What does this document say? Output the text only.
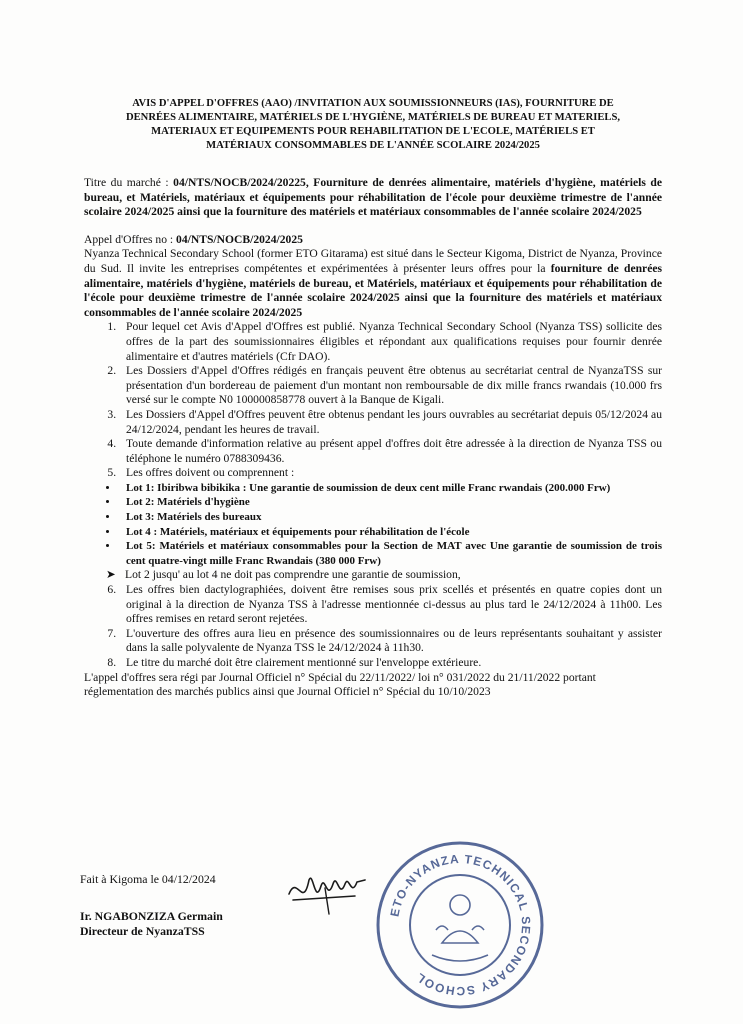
AVIS D'APPEL D'OFFRES (AAO) /INVITATION AUX SOUMISSIONNEURS (IAS), FOURNITURE DE
DENRÉES ALIMENTAIRE, MATÉRIELS DE L'HYGIÈNE, MATÉRIELS DE BUREAU ET MATERIELS,
MATERIAUX ET EQUIPEMENTS POUR REHABILITATION DE L'ECOLE, MATÉRIELS ET
MATÉRIAUX CONSOMMABLES DE L'ANNÉE SCOLAIRE 2024/2025

Titre du marché : 04/NTS/NOCB/2024/20225, Fourniture de denrées alimentaire, matériels d'hygiène, matériels de bureau, et Matériels, matériaux et équipements pour réhabilitation de l'école pour deuxième trimestre de l'année scolaire 2024/2025 ainsi que la fourniture des matériels et matériaux consommables de l'année scolaire 2024/2025

Appel d'Offres no : 04/NTS/NOCB/2024/2025

Nyanza Technical Secondary School (former ETO Gitarama) est situé dans le Secteur Kigoma, District de Nyanza, Province du Sud. Il invite les entreprises compétentes et expérimentées à présenter leurs offres pour la fourniture de denrées alimentaire, matériels d'hygiène, matériels de bureau, et Matériels, matériaux et équipements pour réhabilitation de l'école pour deuxième trimestre de l'année scolaire 2024/2025 ainsi que la fourniture des matériels et matériaux consommables de l'année scolaire 2024/2025

1. Pour lequel cet Avis d'Appel d'Offres est publié. Nyanza Technical Secondary School (Nyanza TSS) sollicite des offres de la part des soumissionnaires éligibles et répondant aux qualifications requises pour fournir denrée alimentaire et d'autres matériels (Cfr DAO).
2. Les Dossiers d'Appel d'Offres rédigés en français peuvent être obtenus au secrétariat central de NyanzaTSS sur présentation d'un bordereau de paiement d'un montant non remboursable de dix mille francs rwandais (10.000 frs versé sur le compte N0 100000858778 ouvert à la Banque de Kigali.
3. Les Dossiers d'Appel d'Offres peuvent être obtenus pendant les jours ouvrables au secrétariat depuis 05/12/2024 au 24/12/2024, pendant les heures de travail.
4. Toute demande d'information relative au présent appel d'offres doit être adressée à la direction de Nyanza TSS ou téléphone le numéro 0788309436.
5. Les offres doivent ou comprennent :
• Lot 1: Ibiribwa bibikika : Une garantie de soumission de deux cent mille Franc rwandais (200.000 Frw)
• Lot 2: Matériels d'hygiène
• Lot 3: Matériels des bureaux
• Lot 4 : Matériels, matériaux et équipements pour réhabilitation de l'école
• Lot 5: Matériels et matériaux consommables pour la Section de MAT avec Une garantie de soumission de trois cent quatre-vingt mille Franc Rwandais (380 000 Frw)
➤ Lot 2 jusqu' au lot 4 ne doit pas comprendre une garantie de soumission,
6. Les offres bien dactylographiées, doivent être remises sous prix scellés et présentés en quatre copies dont un original à la direction de Nyanza TSS à l'adresse mentionnée ci-dessus au plus tard le 24/12/2024 à 11h00. Les offres remises en retard seront rejetées.
7. L'ouverture des offres aura lieu en présence des soumissionnaires ou de leurs représentants souhaitant y assister dans la salle polyvalente de Nyanza TSS le 24/12/2024 à 11h30.
8. Le titre du marché doit être clairement mentionné sur l'enveloppe extérieure.

L'appel d'offres sera régi par Journal Officiel n° Spécial du 22/11/2022/ loi n° 031/2022 du 21/11/2022 portant réglementation des marchés publics ainsi que Journal Officiel n° Spécial du 10/10/2023

Fait à Kigoma le 04/12/2024
Ir. NGABONZIZA Germain
Directeur de NyanzaTSS
ETO-NYANZA TECHNICAL SECONDARY SCHOOL
